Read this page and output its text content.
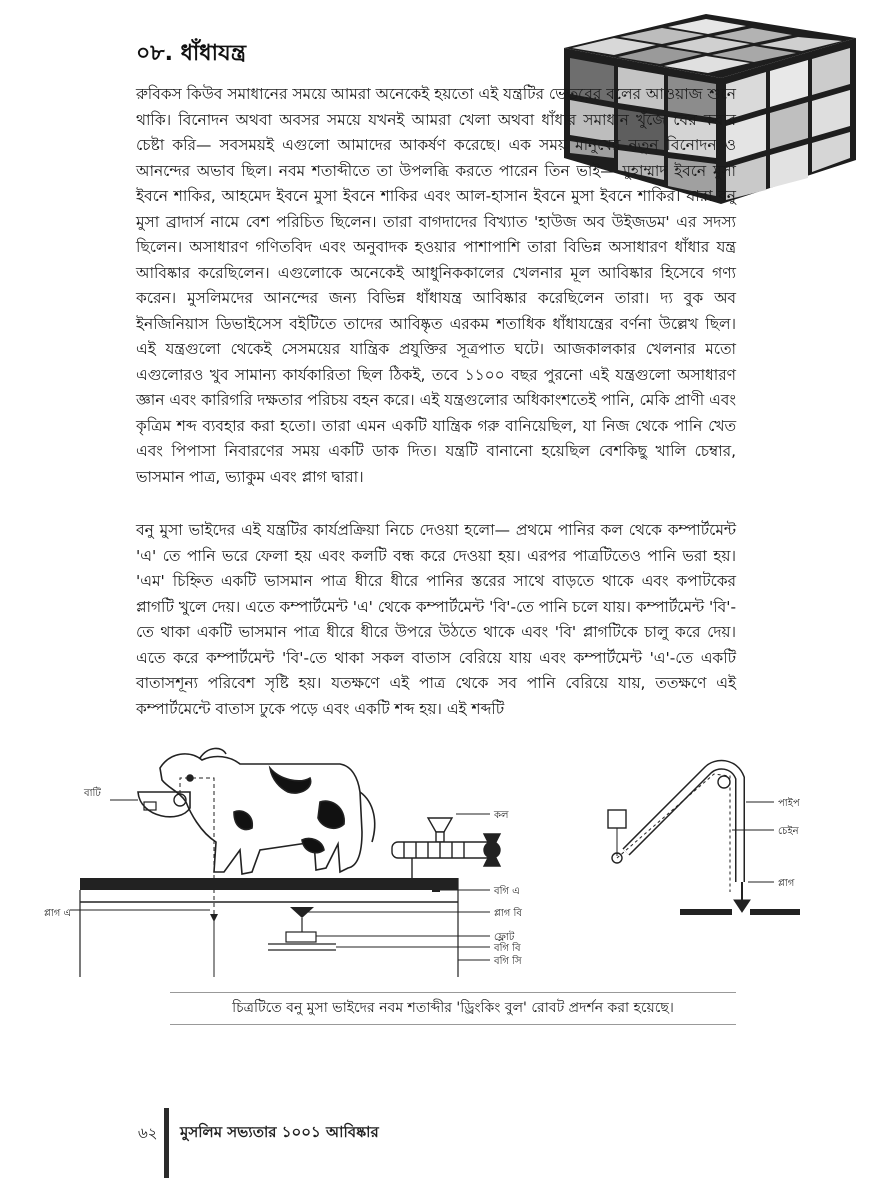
০৮. ধাঁধাযন্ত্র

রুবিকস কিউব সমাধানের সময়ে আমরা অনেকেই হয়তো এই যন্ত্রটির ভেতরের বলের আওয়াজ শুনে থাকি। বিনোদন অথবা অবসর সময়ে যখনই আমরা খেলা অথবা ধাঁধার সমাধান খুঁজে বের করার চেষ্টা করি— সবসময়ই এগুলো আমাদের আকর্ষণ করেছে। এক সময় মানুষের নতুন বিনোদন ও আনন্দের অভাব ছিল। নবম শতাব্দীতে তা উপলব্ধি করতে পারেন তিন ভাই— মুহাম্মাদ ইবনে মুসা ইবনে শাকির, আহমেদ ইবনে মুসা ইবনে শাকির এবং আল-হাসান ইবনে মুসা ইবনে শাকির। যারা বনু মুসা ব্রাদার্স নামে বেশ পরিচিত ছিলেন। তারা বাগদাদের বিখ্যাত 'হাউজ অব উইজডম' এর সদস্য ছিলেন। অসাধারণ গণিতবিদ এবং অনুবাদক হওয়ার পাশাপাশি তারা বিভিন্ন অসাধারণ ধাঁধার যন্ত্র আবিষ্কার করেছিলেন। এগুলোকে অনেকেই আধুনিককালের খেলনার মূল আবিষ্কার হিসেবে গণ্য করেন। মুসলিমদের আনন্দের জন্য বিভিন্ন ধাঁধাযন্ত্র আবিষ্কার করেছিলেন তারা। দ্য বুক অব ইনজিনিয়াস ডিভাইসেস বইটিতে তাদের আবিষ্কৃত এরকম শতাধিক ধাঁধাযন্ত্রের বর্ণনা উল্লেখ ছিল। এই যন্ত্রগুলো থেকেই সেসময়ের যান্ত্রিক প্রযুক্তির সূত্রপাত ঘটে। আজকালকার খেলনার মতো এগুলোরও খুব সামান্য কার্যকারিতা ছিল ঠিকই, তবে ১১০০ বছর পুরনো এই যন্ত্রগুলো অসাধারণ জ্ঞান এবং কারিগরি দক্ষতার পরিচয় বহন করে। এই যন্ত্রগুলোর অধিকাংশতেই পানি, মেকি প্রাণী এবং কৃত্রিম শব্দ ব্যবহার করা হতো। তারা এমন একটি যান্ত্রিক গরু বানিয়েছিল, যা নিজ থেকে পানি খেত এবং পিপাসা নিবারণের সময় একটি ডাক দিত। যন্ত্রটি বানানো হয়েছিল বেশকিছু খালি চেম্বার, ভাসমান পাত্র, ভ্যাকুম এবং প্লাগ দ্বারা।

বনু মুসা ভাইদের এই যন্ত্রটির কার্যপ্রক্রিয়া নিচে দেওয়া হলো— প্রথমে পানির কল থেকে কম্পার্টমেন্ট 'এ' তে পানি ভরে ফেলা হয় এবং কলটি বন্ধ করে দেওয়া হয়। এরপর পাত্রটিতেও পানি ভরা হয়। 'এম' চিহ্নিত একটি ভাসমান পাত্র ধীরে ধীরে পানির স্তরের সাথে বাড়তে থাকে এবং কপাটকের প্লাগটি খুলে দেয়। এতে কম্পার্টমেন্ট 'এ' থেকে কম্পার্টমেন্ট 'বি'-তে পানি চলে যায়। কম্পার্টমেন্ট 'বি'-তে থাকা একটি ভাসমান পাত্র ধীরে ধীরে উপরে উঠতে থাকে এবং 'বি' প্লাগটিকে চালু করে দেয়। এতে করে কম্পার্টমেন্ট 'বি'-তে থাকা সকল বাতাস বেরিয়ে যায় এবং কম্পার্টমেন্ট 'এ'-তে একটি বাতাসশূন্য পরিবেশ সৃষ্টি হয়। যতক্ষণে এই পাত্র থেকে সব পানি বেরিয়ে যায়, ততক্ষণে এই কম্পার্টমেন্টে বাতাস ঢুকে পড়ে এবং একটি শব্দ হয়। এই শব্দটি

বাটি
প্লাগ এ
কল
বগি এ
প্লাগ বি
ফ্লোট
বগি বি
বগি সি
পাইপ
চেইন
প্লাগ

চিত্রটিতে বনু মুসা ভাইদের নবম শতাব্দীর 'ড্রিংকিং বুল' রোবট প্রদর্শন করা হয়েছে।

৬২ মুসলিম সভ্যতার ১০০১ আবিষ্কার
